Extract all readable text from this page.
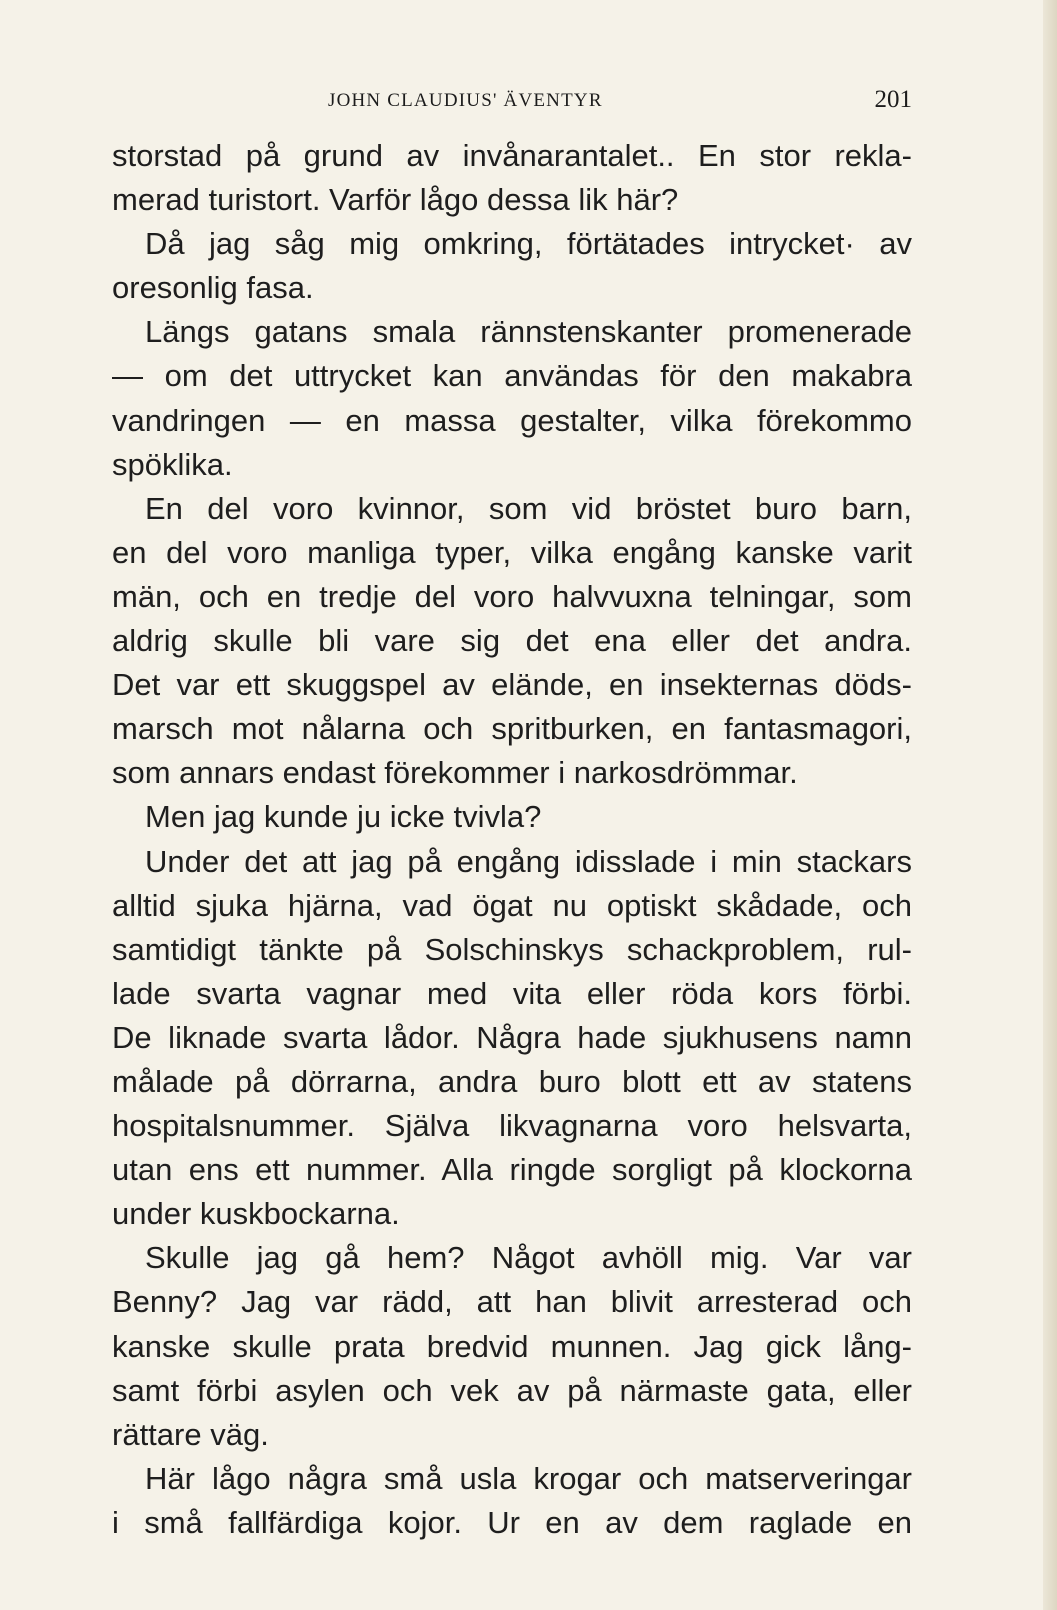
JOHN CLAUDIUS' ÄVENTYR	201
storstad på grund av invånarantalet.. En stor rekla-
merad turistort. Varför lågo dessa lik här?
Då jag såg mig omkring, förtätades intrycket· av
oresonlig fasa.
Längs gatans smala rännstenskanter promenerade
— om det uttrycket kan användas för den makabra
vandringen — en massa gestalter, vilka förekommo
spöklika.
En del voro kvinnor, som vid bröstet buro barn,
en del voro manliga typer, vilka engång kanske varit
män, och en tredje del voro halvvuxna telningar, som
aldrig skulle bli vare sig det ena eller det andra.
Det var ett skuggspel av elände, en insekternas döds-
marsch mot nålarna och spritburken, en fantasmagori,
som annars endast förekommer i narkosdrömmar.
Men jag kunde ju icke tvivla?
Under det att jag på engång idisslade i min stackars
alltid sjuka hjärna, vad ögat nu optiskt skådade, och
samtidigt tänkte på Solschinskys schackproblem, rul-
lade svarta vagnar med vita eller röda kors förbi.
De liknade svarta lådor. Några hade sjukhusens namn
målade på dörrarna, andra buro blott ett av statens
hospitalsnummer. Själva likvagnarna voro helsvarta,
utan ens ett nummer. Alla ringde sorgligt på klockorna
under kuskbockarna.
Skulle jag gå hem? Något avhöll mig. Var var
Benny? Jag var rädd, att han blivit arresterad och
kanske skulle prata bredvid munnen. Jag gick lång-
samt förbi asylen och vek av på närmaste gata, eller
rättare väg.
Här lågo några små usla krogar och matserveringar
i små fallfärdiga kojor. Ur en av dem raglade en
